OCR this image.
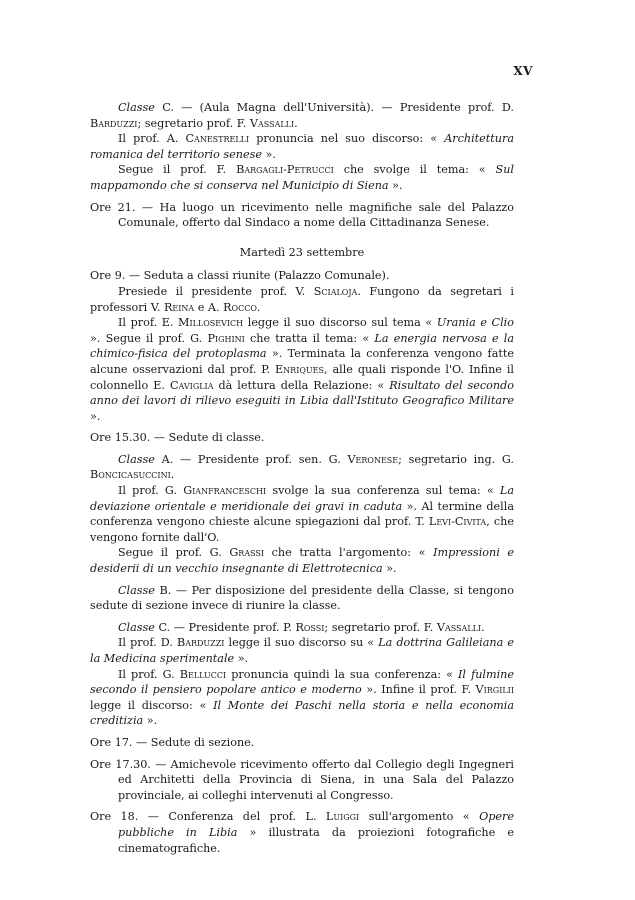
XV

Classe C. — (Aula Magna dell'Università). — Presidente prof. D. Barduzzi; segretario prof. F. Vassalli.

Il prof. A. Canestrelli pronuncia nel suo discorso: « Architettura romanica del territorio senese ».

Segue il prof. F. Bargagli-Petrucci che svolge il tema: « Sul mappamondo che si conserva nel Municipio di Siena ».

Ore 21. — Ha luogo un ricevimento nelle magnifiche sale del Palazzo Comunale, offerto dal Sindaco a nome della Cittadinanza Senese.

Martedì 23 settembre

Ore 9. — Seduta a classi riunite (Palazzo Comunale).

Presiede il presidente prof. V. Scialoja. Fungono da segretari i professori V. Reina e A. Rocco.

Il prof. E. Millosevich legge il suo discorso sul tema « Urania e Clio ». Segue il prof. G. Pighini che tratta il tema: « La energia nervosa e la chimico-fisica del protoplasma ». Terminata la conferenza vengono fatte alcune osservazioni dal prof. P. Enriques, alle quali risponde l'O. Infine il colonnello E. Caviglia dà lettura della Relazione: « Risultato del secondo anno dei lavori di rilievo eseguiti in Libia dall'Istituto Geografico Militare ».

Ore 15.30. — Sedute di classe.

Classe A. — Presidente prof. sen. G. Veronese; segretario ing. G. Boncicasuccini.

Il prof. G. Gianfranceschi svolge la sua conferenza sul tema: « La deviazione orientale e meridionale dei gravi in caduta ». Al termine della conferenza vengono chieste alcune spiegazioni dal prof. T. Levi-Civita, che vengono fornite dall'O.

Segue il prof. G. Grassi che tratta l'argomento: « Impressioni e desiderii di un vecchio insegnante di Elettrotecnica ».

Classe B. — Per disposizione del presidente della Classe, si tengono sedute di sezione invece di riunire la classe.

Classe C. — Presidente prof. P. Rossi; segretario prof. F. Vassalli.

Il prof. D. Barduzzi legge il suo discorso su « La dottrina Galileiana e la Medicina sperimentale ».

Il prof. G. Bellucci pronuncia quindi la sua conferenza: « Il fulmine secondo il pensiero popolare antico e moderno ». Infine il prof. F. Virgilii legge il discorso: « Il Monte dei Paschi nella storia e nella economia creditizia ».

Ore 17. — Sedute di sezione.

Ore 17.30. — Amichevole ricevimento offerto dal Collegio degli Ingegneri ed Architetti della Provincia di Siena, in una Sala del Palazzo provinciale, ai colleghi intervenuti al Congresso.

Ore 18. — Conferenza del prof. L. Luiggi sull'argomento « Opere pubbliche in Libia » illustrata da proiezioni fotografiche e cinematografiche.
